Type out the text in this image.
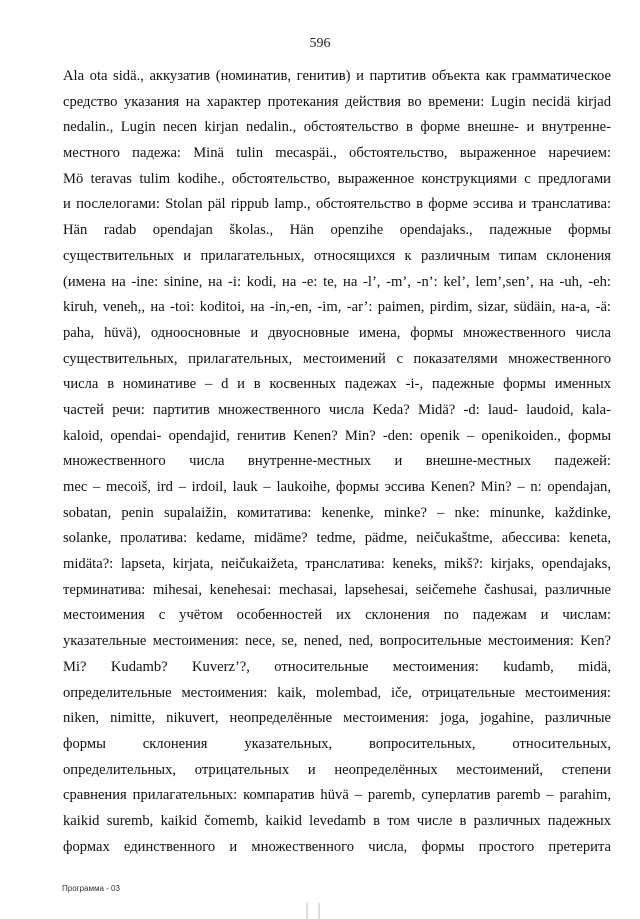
596
Ala ota sidä., аккузатив (номинатив, генитив) и партитив объекта как грамматическое
средство указания на характер протекания действия во времени: Lugin necidä kirjad
nedalin., Lugin necen kirjan nedalin., обстоятельство в форме внешне- и внутренне-
местного падежа: Minä tulin mecaspäi., обстоятельство, выраженное наречием:
Mö teravas tulim kodihe., обстоятельство, выраженное конструкциями с предлогами
и послелогами: Stolan päl rippub lamp., обстоятельство в форме эссива и транслатива:
Hän radab opendajan školas., Hän openzihe opendajaks., падежные формы
существительных и прилагательных, относящихся к различным типам склонения
(имена на -ine: sinine, на -i: kodi, на -e: te, на -l’, -m’, -n’: kel’, lem’,sen’, на -uh, -eh:
kiruh, veneh,, на -toi: koditoi, на -in,-en, -im, -ar’: paimen, pirdim, sizar, südäin, на-а, -ä:
paha, hüvä), одноосновные и двуосновные имена, формы множественного числа
существительных, прилагательных, местоимений с показателями множественного
числа в номинативе – d и в косвенных падежах -i-, падежные формы именных
частей речи: партитив множественного числа Keda? Midä? -d: laud- laudoid, kala-
kaloid, opendai- opendajid, генитив Kenen? Min? -den: openik – openikoiden., формы
множественного числа внутренне-местных и внешне-местных падежей:
mec – mecoiš, ird – irdoil, lauk – laukoihe, формы эссива Kenen? Min? – n: opendajan,
sobatan, penin supalaižin, комитатива: kenenke, minke? – nke: minunke, každinke,
solanke, пролатива: kedame, midäme? tedme, pädme, neičukaštme, абессива: keneta,
midäta?: lapseta, kirjata, neičukaižeta, транслатива: keneks, mikš?: kirjaks, opendajaks,
терминатива: mihesai, kenehesai: mechasai, lapsehesai, seičemehe čashusai, различные
местоимения с учётом особенностей их склонения по падежам и числам:
указательные местоимения: nece, se, nened, ned, вопросительные местоимения: Ken?
Mi? Kudamb? Kuverz’?, относительные местоимения: kudamb, midä,
определительные местоимения: kaik, molembad, iče, отрицательные местоимения:
niken, nimitte, nikuvert, неопределённые местоимения: joga, jogahine, различные
формы склонения указательных, вопросительных, относительных,
определительных, отрицательных и неопределённых местоимений, степени
сравнения прилагательных: компаратив hüvä – paremb, суперлатив paremb – parahim,
kaikid suremb, kaikid čomemb, kaikid levedamb в том числе в различных падежных
формах единственного и множественного числа, формы простого претерита
Программа - 03
